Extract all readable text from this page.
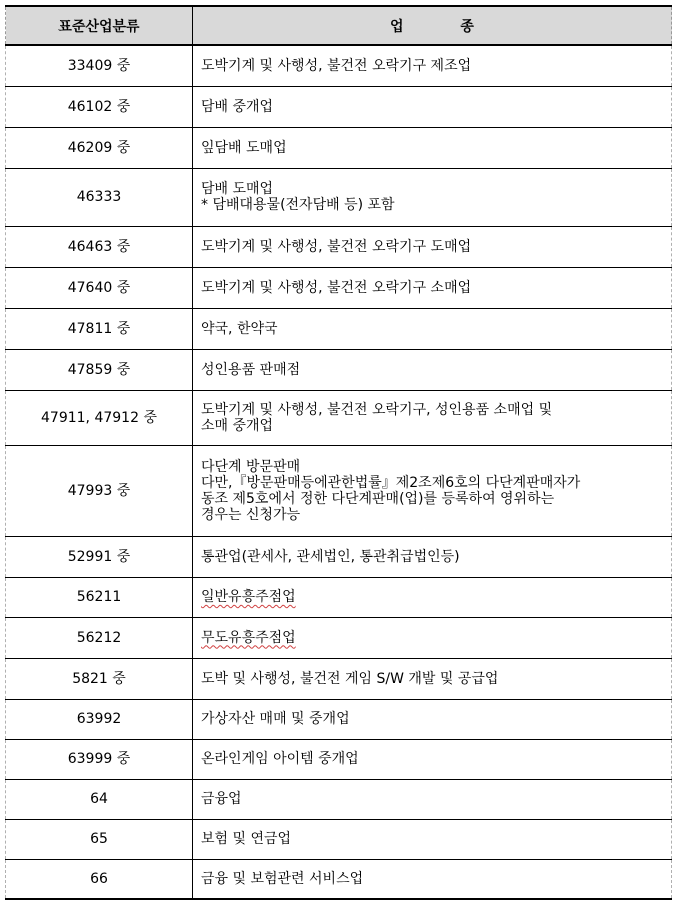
표준산업분류	업 종
33409 중	도박기계 및 사행성, 불건전 오락기구 제조업
46102 중	담배 중개업
46209 중	잎담배 도매업
46333	담배 도매업
* 담배대용물(전자담배 등) 포함

46463 중	도박기계 및 사행성, 불건전 오락기구 도매업
47640 중	도박기계 및 사행성, 불건전 오락기구 소매업
47811 중	약국, 한약국
47859 중	성인용품 판매점
47911, 47912 중	도박기계 및 사행성, 불건전 오락기구, 성인용품 소매업 및
소매 중개업

47993 중	다단계 방문판매
다만,『방문판매등에관한법률』제2조제6호의 다단계판매자가
동조 제5호에서 정한 다단계판매(업)를 등록하여 영위하는
경우는 신청가능

52991 중	통관업(관세사, 관세법인, 통관취급법인등)
56211	일반유흥주점업
56212	무도유흥주점업
5821 중	도박 및 사행성, 불건전 게임 S/W 개발 및 공급업
63992	가상자산 매매 및 중개업
63999 중	온라인게임 아이템 중개업
64	금융업
65	보험 및 연금업
66	금융 및 보험관련 서비스업
